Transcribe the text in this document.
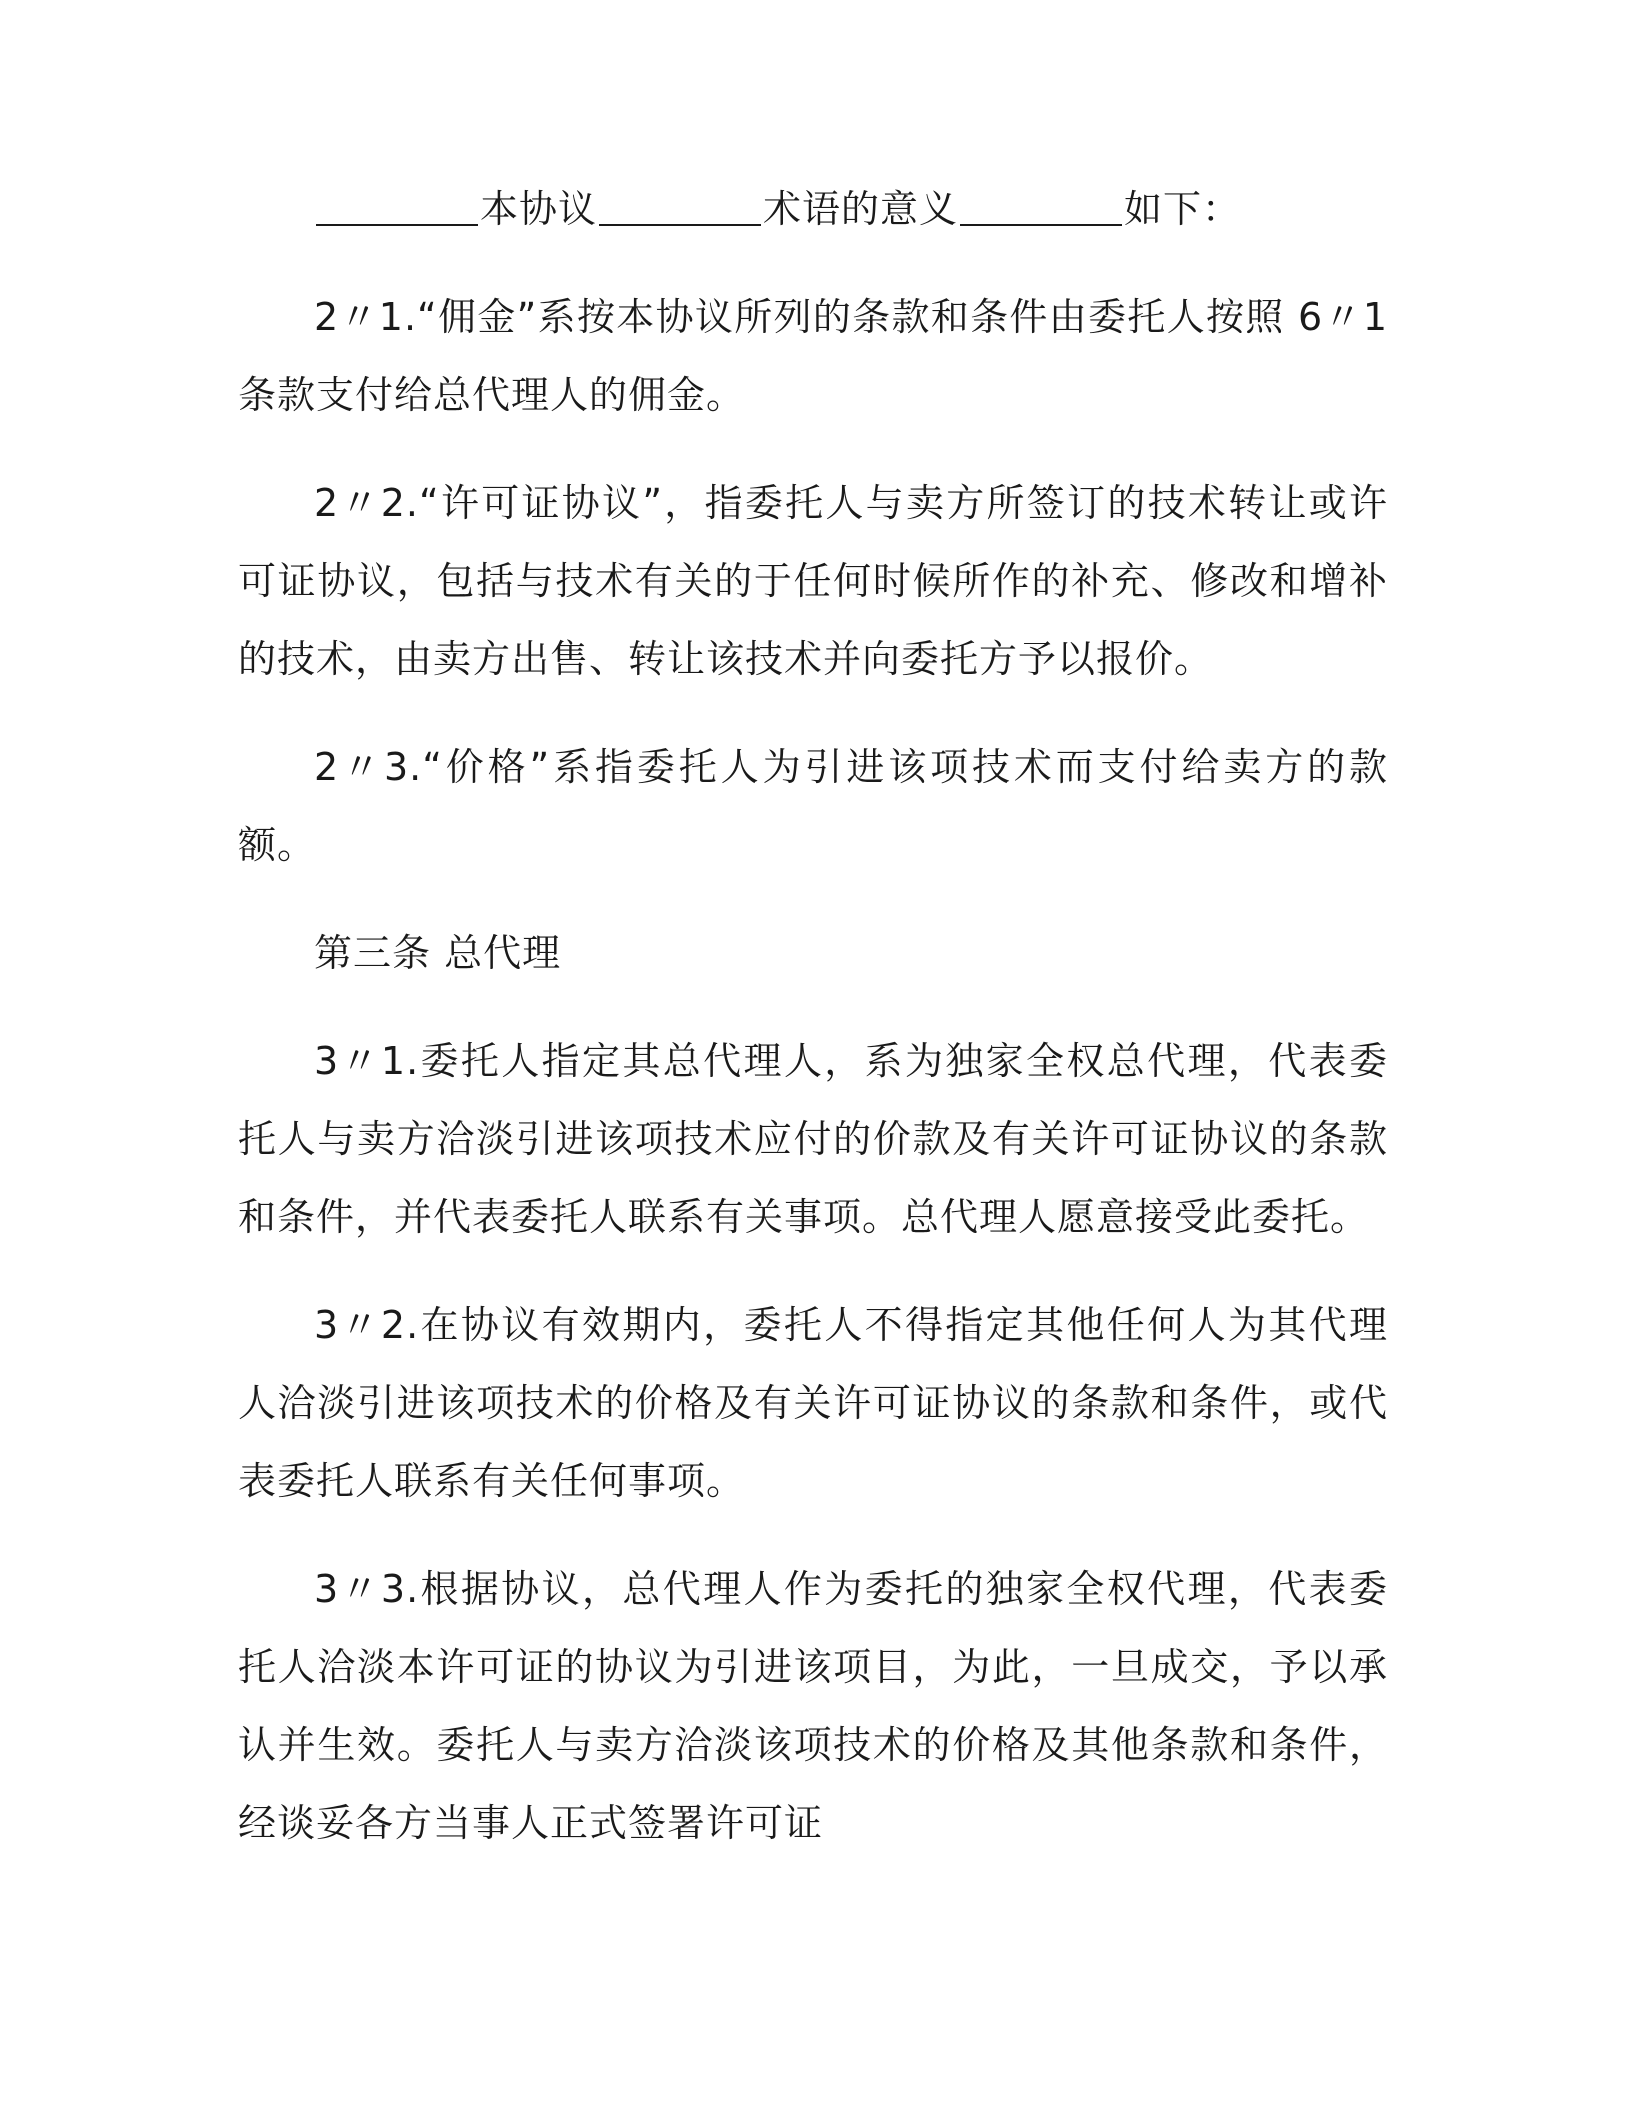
本协议	术语的意义	如下：

2〃1.“佣金”系按本协议所列的条款和条件由委托人按照 6〃1 条款支付给总代理人的佣金。

2〃2.“许可证协议”，指委托人与卖方所签订的技术转让或许可证协议，包括与技术有关的于任何时候所作的补充、修改和增补的技术，由卖方出售、转让该技术并向委托方予以报价。

2〃3.“价格”系指委托人为引进该项技术而支付给卖方的款额。

第三条 总代理

3〃1.委托人指定其总代理人，系为独家全权总代理，代表委托人与卖方洽淡引进该项技术应付的价款及有关许可证协议的条款和条件，并代表委托人联系有关事项。总代理人愿意接受此委托。

3〃2.在协议有效期内，委托人不得指定其他任何人为其代理人洽淡引进该项技术的价格及有关许可证协议的条款和条件，或代表委托人联系有关任何事项。

3〃3.根据协议，总代理人作为委托的独家全权代理，代表委托人洽淡本许可证的协议为引进该项目，为此，一旦成交，予以承认并生效。委托人与卖方洽淡该项技术的价格及其他条款和条件，经谈妥各方当事人正式签署许可证
